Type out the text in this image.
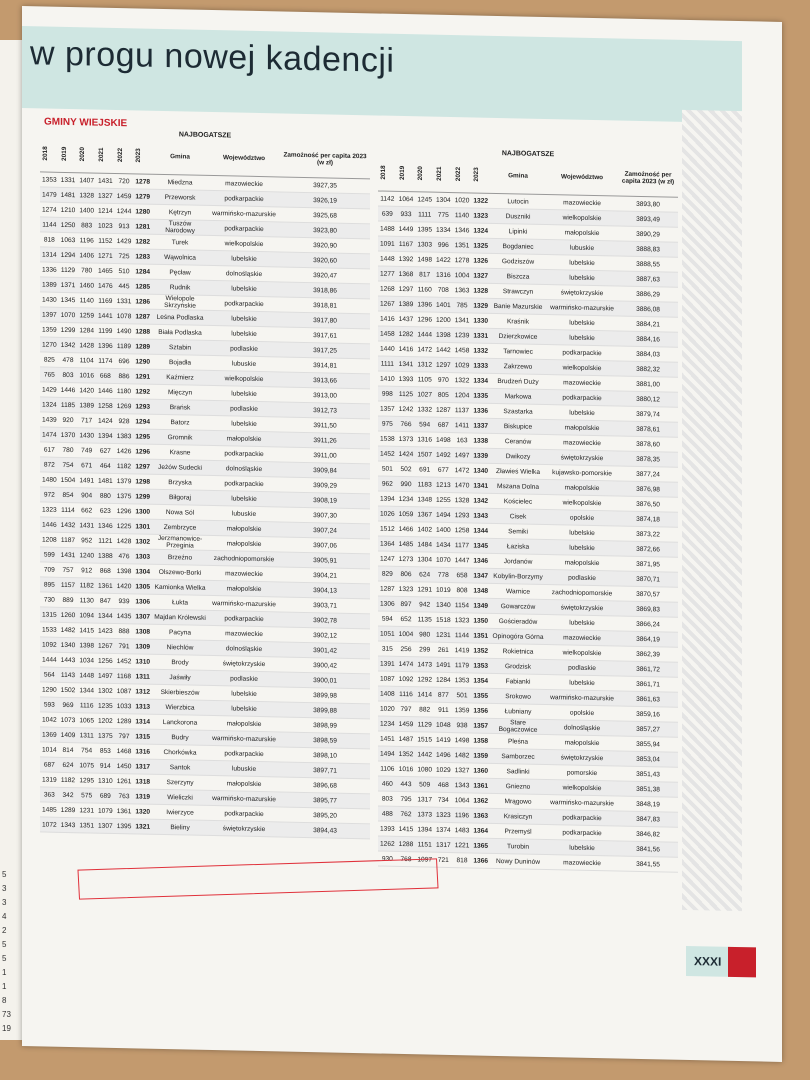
5
3
3
4
2
5
5
1
1
8
73
19
w progu nowej kadencji
GMINY WIEJSKIE
NAJBOGATSZE
2018	2019	2020	2021	2022	2023	Gmina	Województwo	Zamożność per capita 2023 (w zł)
1353	1331	1407	1431	720	1278	Miedzna	mazowieckie	3927,35
1479	1481	1328	1327	1459	1279	Przeworsk	podkarpackie	3926,19
1274	1210	1400	1214	1244	1280	Kętrzyn	warmińsko-mazurskie	3925,68
1144	1250	883	1023	913	1281	Tuszów Narodowy	podkarpackie	3923,80
818	1063	1196	1152	1429	1282	Turek	wielkopolskie	3920,90
1314	1294	1406	1271	725	1283	Wąwolnica	lubelskie	3920,60
1336	1129	780	1465	510	1284	Pęcław	dolnośląskie	3920,47
1389	1371	1460	1476	445	1285	Rudnik	lubelskie	3918,86
1430	1345	1140	1169	1331	1286	Wielopole Skrzyńskie	podkarpackie	3918,81
1397	1070	1259	1441	1078	1287	Leśna Podlaska	lubelskie	3917,80
1359	1299	1284	1199	1490	1288	Biała Podlaska	lubelskie	3917,61
1270	1342	1428	1396	1189	1289	Sztabin	podlaskie	3917,25
825	478	1104	1174	696	1290	Bojadła	lubuskie	3914,81
765	803	1016	668	886	1291	Kaźmierz	wielkopolskie	3913,66
1429	1446	1420	1446	1180	1292	Mięczyn	lubelskie	3913,00
1324	1185	1389	1258	1269	1293	Brańsk	podlaskie	3912,73
1439	920	717	1424	928	1294	Batorz	lubelskie	3911,50
1474	1370	1430	1394	1383	1295	Gromnik	małopolskie	3911,26
617	780	749	627	1426	1296	Krasne	podkarpackie	3911,00
872	754	671	464	1182	1297	Jeżów Sudecki	dolnośląskie	3909,84
1480	1504	1491	1481	1379	1298	Brzyska	podkarpackie	3909,29
972	854	904	880	1375	1299	Biłgoraj	lubelskie	3908,19
1323	1114	662	623	1296	1300	Nowa Sól	lubuskie	3907,30
1446	1432	1431	1346	1225	1301	Zembrzyce	małopolskie	3907,24
1208	1187	952	1121	1428	1302	Jerzmanowice-Przeginia	małopolskie	3907,06
599	1431	1240	1388	476	1303	Brzeźno	zachodniopomorskie	3905,91
709	757	912	868	1398	1304	Olszewo-Borki	mazowieckie	3904,21
895	1157	1182	1361	1420	1305	Kamionka Wielka	małopolskie	3904,13
730	889	1130	847	939	1306	Łukta	warmińsko-mazurskie	3903,71
1315	1260	1094	1344	1435	1307	Majdan Królewski	podkarpackie	3902,78
1533	1482	1415	1423	888	1308	Pacyna	mazowieckie	3902,12
1092	1340	1398	1267	791	1309	Niechlów	dolnośląskie	3901,42
1444	1443	1034	1256	1452	1310	Brody	świętokrzyskie	3900,42
564	1143	1448	1497	1168	1311	Jaświły	podlaskie	3900,01
1290	1502	1344	1302	1087	1312	Skierbieszów	lubelskie	3899,98
593	969	1116	1235	1033	1313	Wierzbica	lubelskie	3899,88
1042	1073	1065	1202	1289	1314	Lanckorona	małopolskie	3898,99
1369	1409	1311	1375	797	1315	Budry	warmińsko-mazurskie	3898,59
1014	814	754	853	1468	1316	Chorkówka	podkarpackie	3898,10
687	624	1075	914	1450	1317	Santok	lubuskie	3897,71
1319	1182	1295	1310	1261	1318	Szerzyny	małopolskie	3896,68
363	342	575	689	763	1319	Wieliczki	warmińsko-mazurskie	3895,77
1485	1289	1231	1079	1361	1320	Iwierzyce	podkarpackie	3895,20
1072	1343	1351	1307	1395	1321	Bieliny	świętokrzyskie	3894,43
NAJBOGATSZE
2018	2019	2020	2021	2022	2023	Gmina	Województwo	Zamożność per capita 2023 (w zł)
1142	1064	1245	1304	1020	1322	Lutocin	mazowieckie	3893,80
639	933	1111	775	1140	1323	Duszniki	wielkopolskie	3893,49
1488	1449	1395	1334	1346	1324	Lipinki	małopolskie	3890,29
1091	1167	1303	996	1351	1325	Bogdaniec	lubuskie	3888,83
1448	1392	1498	1422	1278	1326	Godziszów	lubelskie	3888,55
1277	1368	817	1316	1004	1327	Biszcza	lubelskie	3887,63
1268	1297	1160	708	1363	1328	Strawczyn	świętokrzyskie	3886,29
1267	1389	1396	1401	785	1329	Banie Mazurskie	warmińsko-mazurskie	3886,08
1416	1437	1296	1200	1341	1330	Kraśnik	lubelskie	3884,21
1458	1282	1444	1398	1239	1331	Dzierzkowice	lubelskie	3884,16
1440	1416	1472	1442	1458	1332	Tarnowiec	podkarpackie	3884,03
1111	1341	1312	1297	1029	1333	Zakrzewo	wielkopolskie	3882,32
1410	1393	1105	970	1322	1334	Brudzeń Duży	mazowieckie	3881,00
998	1125	1027	805	1204	1335	Markowa	podkarpackie	3880,12
1357	1242	1332	1287	1137	1336	Szastarka	lubelskie	3879,74
975	766	594	687	1411	1337	Biskupice	małopolskie	3878,61
1538	1373	1316	1498	163	1338	Ceranów	mazowieckie	3878,60
1452	1424	1507	1492	1497	1339	Dwikozy	świętokrzyskie	3878,35
501	502	691	677	1472	1340	Zławieś Wielka	kujawsko-pomorskie	3877,24
962	990	1183	1213	1470	1341	Mszana Dolna	małopolskie	3876,98
1394	1234	1348	1255	1328	1342	Kościelec	wielkopolskie	3876,50
1026	1059	1367	1494	1293	1343	Cisek	opolskie	3874,18
1512	1466	1402	1400	1258	1344	Semiki	lubelskie	3873,22
1364	1485	1484	1434	1177	1345	Łaziska	lubelskie	3872,66
1247	1273	1304	1070	1447	1346	Jordanów	małopolskie	3871,95
829	806	624	778	658	1347	Kobylin-Borzymy	podlaskie	3870,71
1287	1323	1291	1019	808	1348	Warnice	zachodniopomorskie	3870,57
1306	897	942	1340	1154	1349	Gowarczów	świętokrzyskie	3869,83
594	652	1135	1518	1323	1350	Gościeradów	lubelskie	3866,24
1051	1004	980	1231	1144	1351	Opinogóra Górna	mazowieckie	3864,19
315	256	299	261	1419	1352	Rokietnica	wielkopolskie	3862,39
1391	1474	1473	1491	1179	1353	Grodzisk	podlaskie	3861,72
1087	1092	1292	1284	1353	1354	Fabianki	lubelskie	3861,71
1408	1116	1414	877	501	1355	Srokowo	warmińsko-mazurskie	3861,63
1020	797	882	911	1359	1356	Łubniany	opolskie	3859,16
1234	1459	1129	1048	938	1357	Stare Bogaczowice	dolnośląskie	3857,27
1451	1487	1515	1419	1498	1358	Pleśna	małopolskie	3855,94
1494	1352	1442	1496	1482	1359	Samborzec	świętokrzyskie	3853,04
1106	1016	1080	1029	1327	1360	Sadlinki	pomorskie	3851,43
460	443	509	468	1343	1361	Gniezno	wielkopolskie	3851,38
803	795	1317	734	1064	1362	Mrągowo	warmińsko-mazurskie	3848,19
488	762	1373	1323	1196	1363	Krasiczyn	podkarpackie	3847,83
1393	1415	1394	1374	1483	1364	Przemyśl	podkarpackie	3846,82
1262	1288	1151	1317	1221	1365	Turobin	lubelskie	3841,56
930	768	1097	721	818	1366	Nowy Duninów	mazowieckie	3841,55
XXXI
